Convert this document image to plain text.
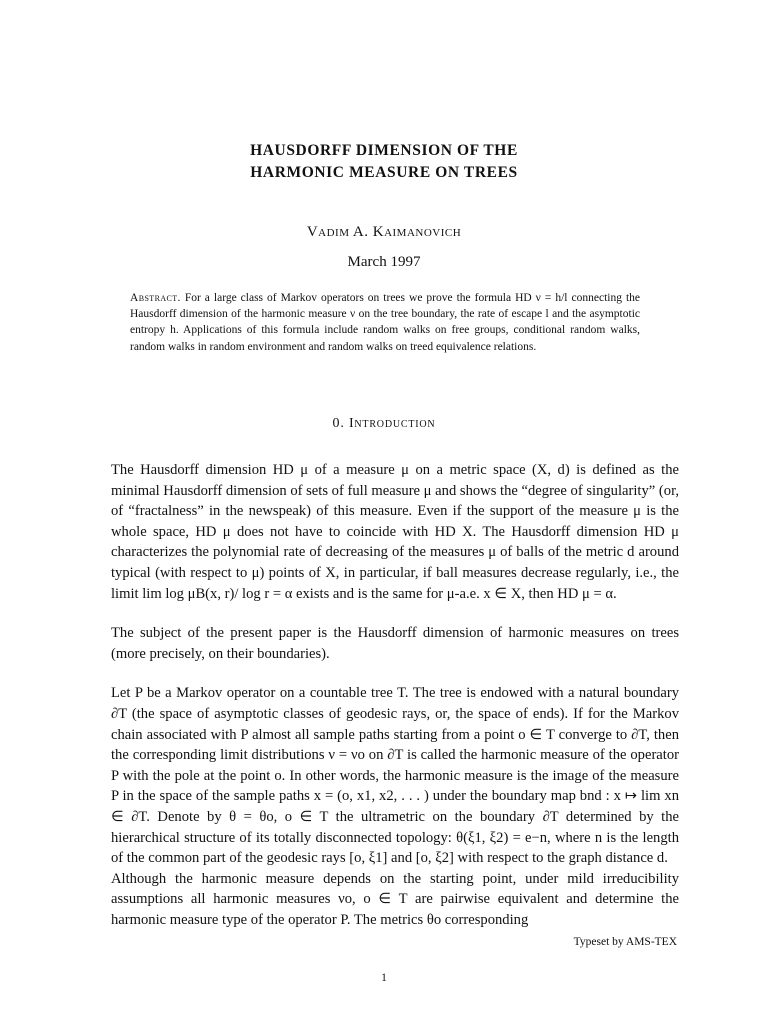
HAUSDORFF DIMENSION OF THE
HARMONIC MEASURE ON TREES
Vadim A. Kaimanovich
March 1997
Abstract. For a large class of Markov operators on trees we prove the formula HD ν = h/l connecting the Hausdorff dimension of the harmonic measure ν on the tree boundary, the rate of escape l and the asymptotic entropy h. Applications of this formula include random walks on free groups, conditional random walks, random walks in random environment and random walks on treed equivalence relations.
0. Introduction

The Hausdorff dimension HD μ of a measure μ on a metric space (X, d) is defined as the minimal Hausdorff dimension of sets of full measure μ and shows the “degree of singularity” (or, of “fractalness” in the newspeak) of this measure. Even if the support of the measure μ is the whole space, HD μ does not have to coincide with HD X. The Hausdorff dimension HD μ characterizes the polynomial rate of decreasing of the measures μ of balls of the metric d around typical (with respect to μ) points of X, in particular, if ball measures decrease regularly, i.e., the limit lim log μB(x, r)/ log r = α exists and is the same for μ-a.e. x ∈ X, then HD μ = α.

The subject of the present paper is the Hausdorff dimension of harmonic measures on trees (more precisely, on their boundaries).

Let P be a Markov operator on a countable tree T. The tree is endowed with a natural boundary ∂T (the space of asymptotic classes of geodesic rays, or, the space of ends). If for the Markov chain associated with P almost all sample paths starting from a point o ∈ T converge to ∂T, then the corresponding limit distributions ν = νo on ∂T is called the harmonic measure of the operator P with the pole at the point o. In other words, the harmonic measure is the image of the measure P in the space of the sample paths x = (o, x1, x2, . . . ) under the boundary map bnd : x ↦ lim xn ∈ ∂T. Denote by θ = θo, o ∈ T the ultrametric on the boundary ∂T determined by the hierarchical structure of its totally disconnected topology: θ(ξ1, ξ2) = e−n, where n is the length of the common part of the geodesic rays [o, ξ1] and [o, ξ2] with respect to the graph distance d.

Although the harmonic measure depends on the starting point, under mild irreducibility assumptions all harmonic measures νo, o ∈ T are pairwise equivalent and determine the harmonic measure type of the operator P. The metrics θo corresponding

Typeset by AMS-TEX
1
